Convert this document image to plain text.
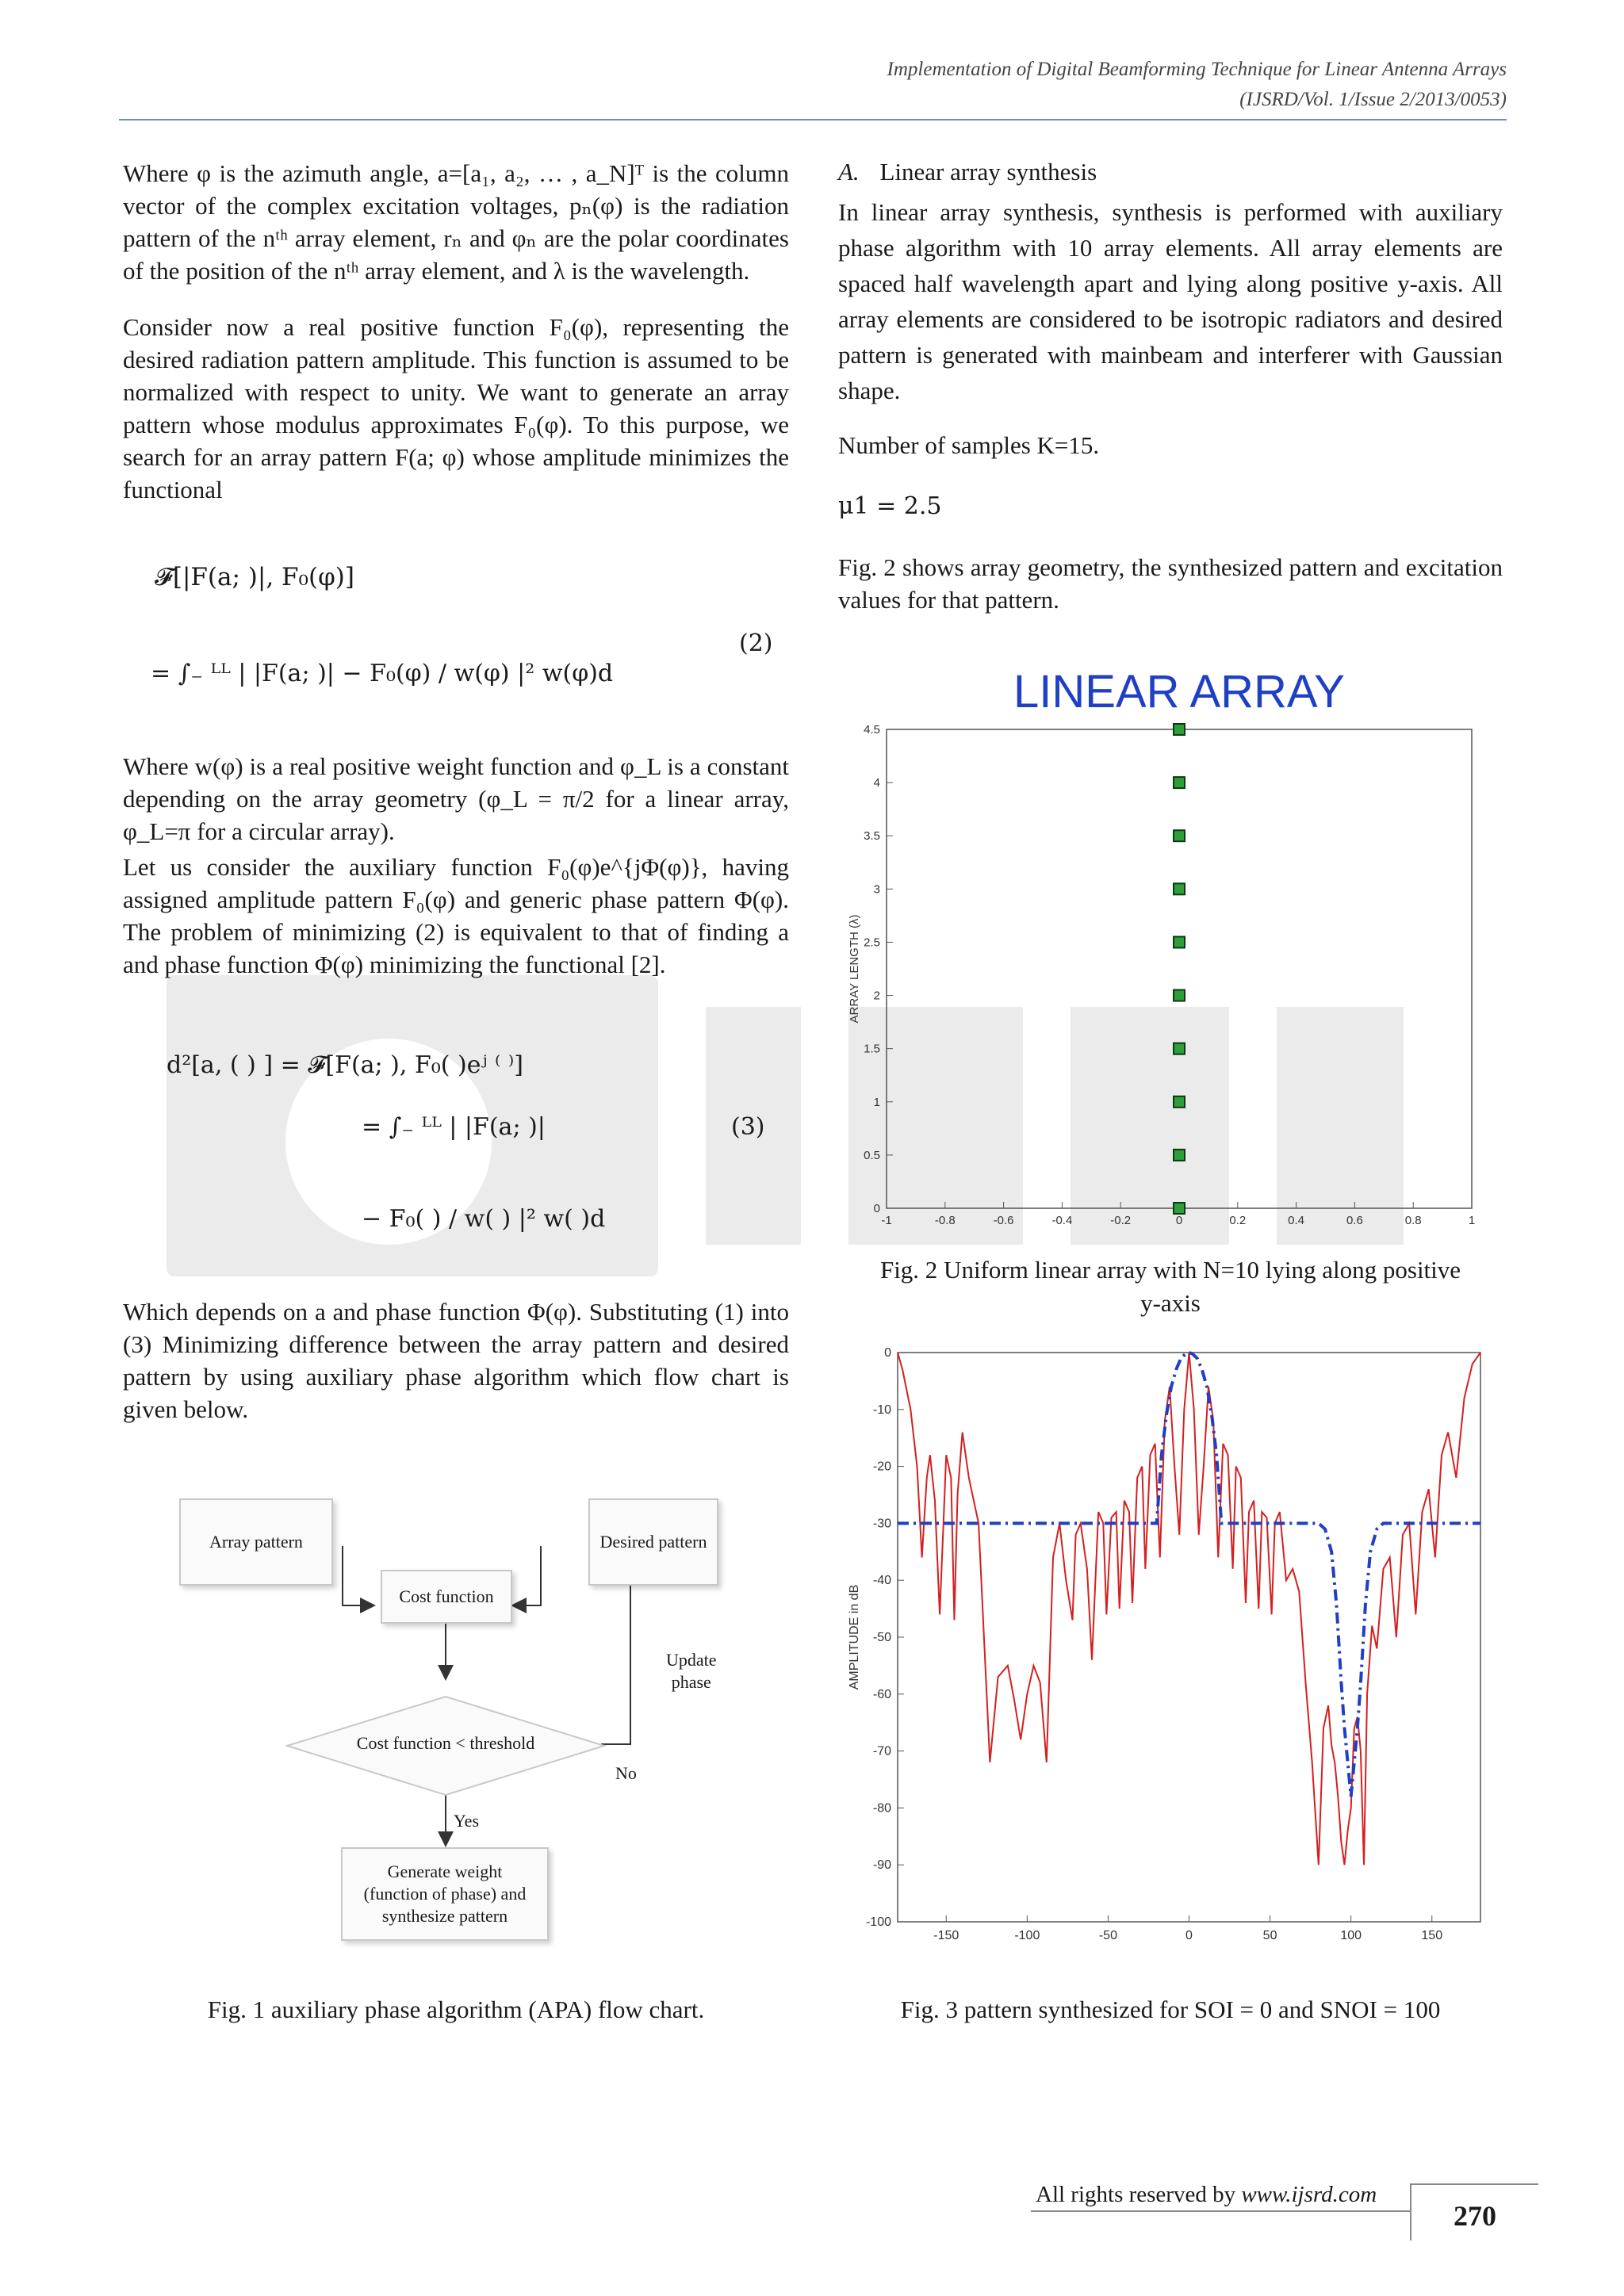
Implementation of Digital Beamforming Technique for Linear Antenna Arrays
(IJSRD/Vol. 1/Issue 2/2013/0053)

Where φ is the azimuth angle, a=[a₁, a₂, … , a_N]ᵀ is the column vector of the complex excitation voltages, pₙ(φ) is the radiation pattern of the nᵗʰ array element, rₙ and φₙ are the polar coordinates of the position of the nᵗʰ array element, and λ is the wavelength.

Consider now a real positive function F₀(φ), representing the desired radiation pattern amplitude. This function is assumed to be normalized with respect to unity. We want to generate an array pattern whose modulus approximates F₀(φ). To this purpose, we search for an array pattern F(a; φ) whose amplitude minimizes the functional

𝓕[|F(a; )|, F₀(φ)]
= ∫₋ ᴸᴸ | |F(a; )| − F₀(φ) / w(φ) |² w(φ)d
(2)

Where w(φ) is a real positive weight function and φ_L is a constant depending on the array geometry (φ_L = π/2 for a linear array, φ_L=π for a circular array).

Let us consider the auxiliary function F₀(φ)e^{jΦ(φ)}, having assigned amplitude pattern F₀(φ) and generic phase pattern Φ(φ). The problem of minimizing (2) is equivalent to that of finding a and phase function Φ(φ) minimizing the functional [2].

d²[a, ( ) ] = 𝓕[F(a; ), F₀( )eʲ ⁽ ⁾]
= ∫₋ ᴸᴸ | |F(a; )|
− F₀( ) / w( ) |² w( )d
(3)

Which depends on a and phase function Φ(φ). Substituting (1) into (3) Minimizing difference between the array pattern and desired pattern by using auxiliary phase algorithm which flow chart is given below.

Array pattern	Desired pattern
Cost function
Cost function < threshold
Update
phase
No
Yes
Generate weight
(function of phase) and
synthesize pattern
Fig. 1 auxiliary phase algorithm (APA) flow chart.

A. Linear array synthesis

In linear array synthesis, synthesis is performed with auxiliary phase algorithm with 10 array elements. All array elements are spaced half wavelength apart and lying along positive y-axis. All array elements are considered to be isotropic radiators and desired pattern is generated with mainbeam and interferer with Gaussian shape.

Number of samples K=15.

μ1 = 2.5

Fig. 2 shows array geometry, the synthesized pattern and excitation values for that pattern.

LINEAR ARRAY
-1	-0.8	-0.6	-0.4	-0.2	0	0.2	0.4	0.6	0.8	1
0
0.5
1
1.5
2
2.5
3
3.5
4
4.5
ARRAY LENGTH (λ)
Fig. 2 Uniform linear array with N=10 lying along positive
y-axis
-150	-100	-50	0	50	100	150
0
-10
-20
-30
-40
-50
-60
-70
-80
-90
-100
AMPLITUDE in dB
Fig. 3 pattern synthesized for SOI = 0 and SNOI = 100
All rights reserved by www.ijsrd.com
270
